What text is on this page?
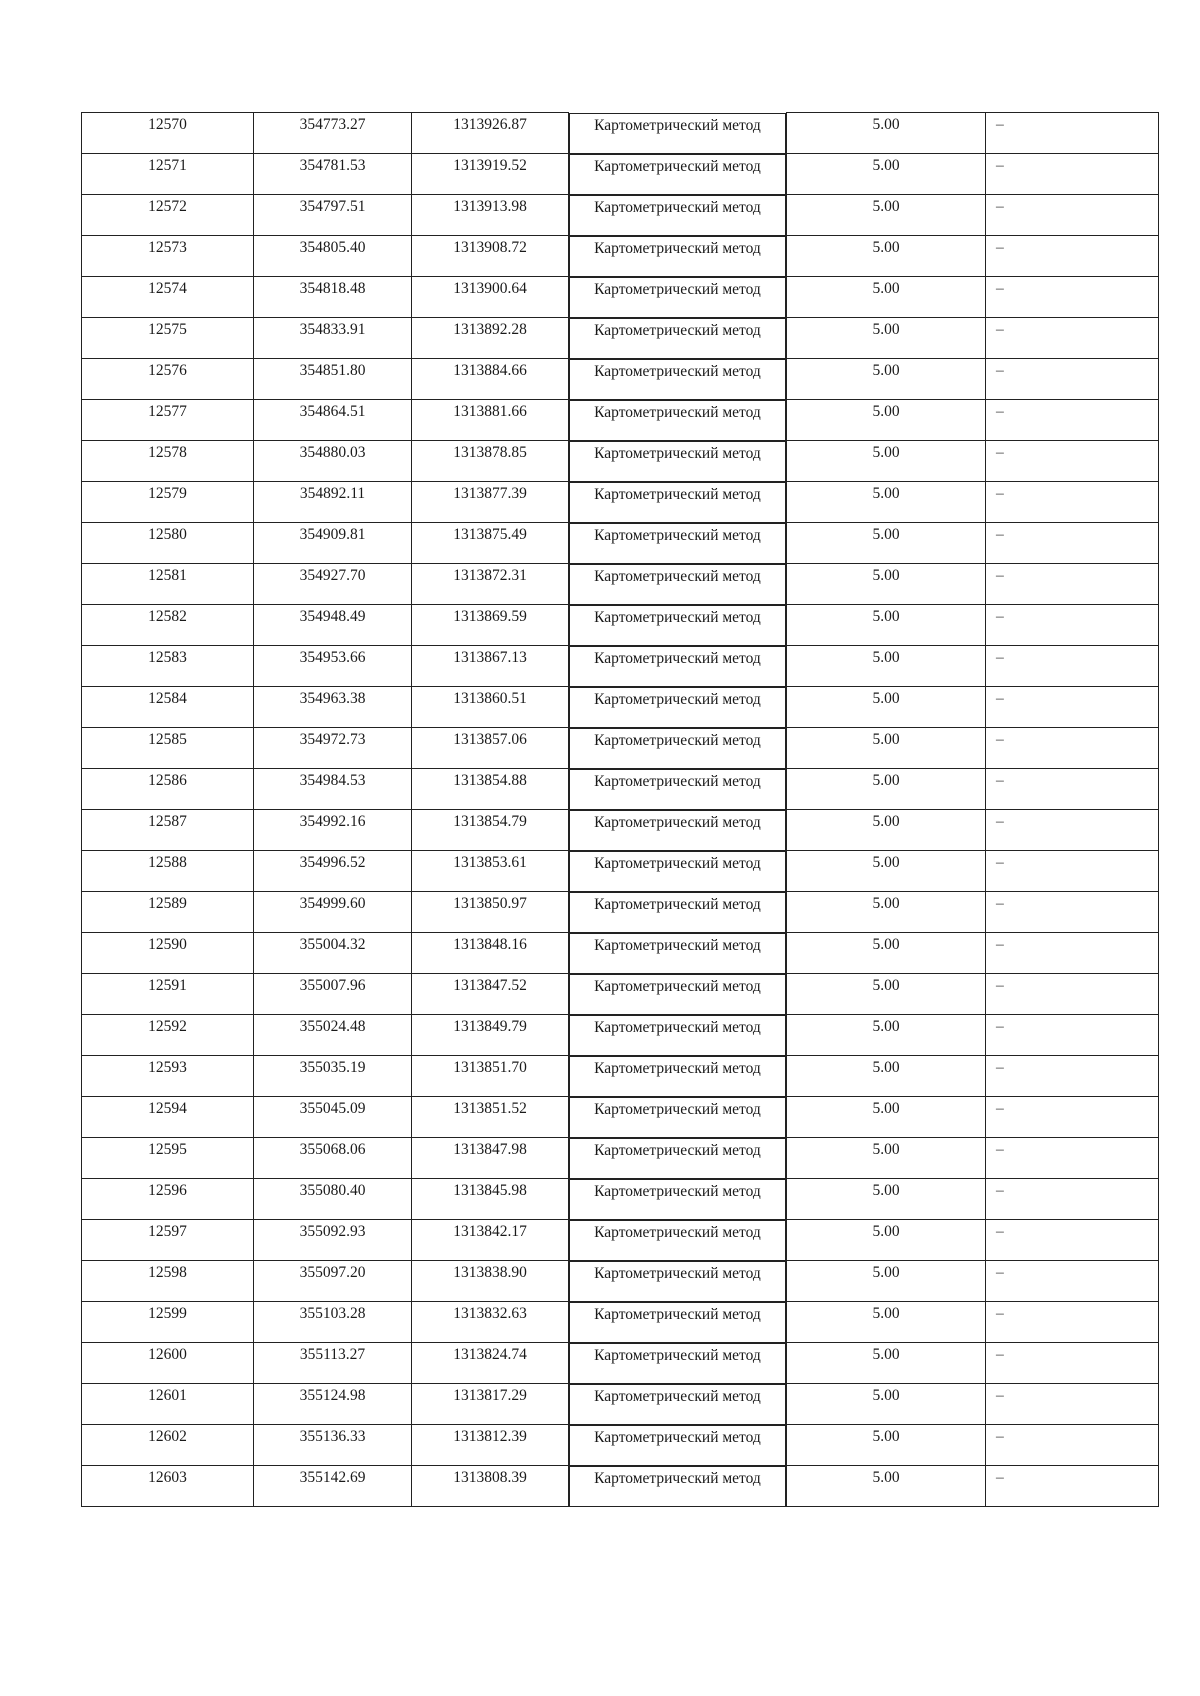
12570	354773.27	1313926.87		Картометрический метод	5.00	–
12571	354781.53	1313919.52		Картометрический метод	5.00	–
12572	354797.51	1313913.98		Картометрический метод	5.00	–
12573	354805.40	1313908.72		Картометрический метод	5.00	–
12574	354818.48	1313900.64		Картометрический метод	5.00	–
12575	354833.91	1313892.28		Картометрический метод	5.00	–
12576	354851.80	1313884.66		Картометрический метод	5.00	–
12577	354864.51	1313881.66		Картометрический метод	5.00	–
12578	354880.03	1313878.85		Картометрический метод	5.00	–
12579	354892.11	1313877.39		Картометрический метод	5.00	–
12580	354909.81	1313875.49		Картометрический метод	5.00	–
12581	354927.70	1313872.31		Картометрический метод	5.00	–
12582	354948.49	1313869.59		Картометрический метод	5.00	–
12583	354953.66	1313867.13		Картометрический метод	5.00	–
12584	354963.38	1313860.51		Картометрический метод	5.00	–
12585	354972.73	1313857.06		Картометрический метод	5.00	–
12586	354984.53	1313854.88		Картометрический метод	5.00	–
12587	354992.16	1313854.79		Картометрический метод	5.00	–
12588	354996.52	1313853.61		Картометрический метод	5.00	–
12589	354999.60	1313850.97		Картометрический метод	5.00	–
12590	355004.32	1313848.16		Картометрический метод	5.00	–
12591	355007.96	1313847.52		Картометрический метод	5.00	–
12592	355024.48	1313849.79		Картометрический метод	5.00	–
12593	355035.19	1313851.70		Картометрический метод	5.00	–
12594	355045.09	1313851.52		Картометрический метод	5.00	–
12595	355068.06	1313847.98		Картометрический метод	5.00	–
12596	355080.40	1313845.98		Картометрический метод	5.00	–
12597	355092.93	1313842.17		Картометрический метод	5.00	–
12598	355097.20	1313838.90		Картометрический метод	5.00	–
12599	355103.28	1313832.63		Картометрический метод	5.00	–
12600	355113.27	1313824.74		Картометрический метод	5.00	–
12601	355124.98	1313817.29		Картометрический метод	5.00	–
12602	355136.33	1313812.39		Картометрический метод	5.00	–
12603	355142.69	1313808.39		Картометрический метод	5.00	–
